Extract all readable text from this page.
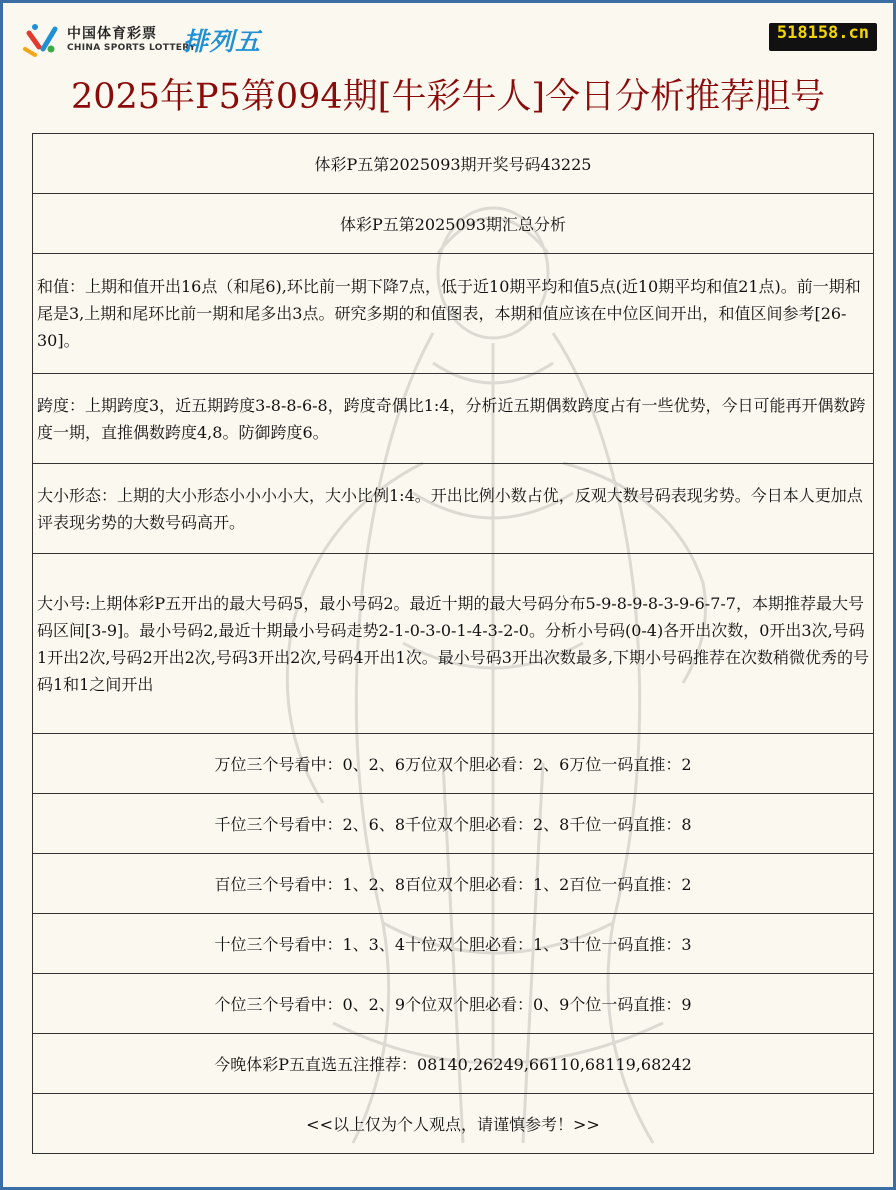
中国体育彩票
CHINA SPORTS LOTTERY
排列五	518158.cn
2025年P5第094期[牛彩牛人]今日分析推荐胆号
体彩P五第2025093期开奖号码43225
体彩P五第2025093期汇总分析
和值：上期和值开出16点（和尾6),环比前一期下降7点，低于近10期平均和值5点(近10期平均和值21点)。前一期和尾是3,上期和尾环比前一期和尾多出3点。研究多期的和值图表，本期和值应该在中位区间开出，和值区间参考[26-30]。
跨度：上期跨度3，近五期跨度3-8-8-6-8，跨度奇偶比1:4，分析近五期偶数跨度占有一些优势，今日可能再开偶数跨度一期，直推偶数跨度4,8。防御跨度6。
大小形态：上期的大小形态小小小小大，大小比例1:4。开出比例小数占优，反观大数号码表现劣势。今日本人更加点评表现劣势的大数号码高开。
大小号:上期体彩P五开出的最大号码5，最小号码2。最近十期的最大号码分布5-9-8-9-8-3-9-6-7-7，本期推荐最大号码区间[3-9]。最小号码2,最近十期最小号码走势2-1-0-3-0-1-4-3-2-0。分析小号码(0-4)各开出次数，0开出3次,号码1开出2次,号码2开出2次,号码3开出2次,号码4开出1次。最小号码3开出次数最多,下期小号码推荐在次数稍微优秀的号码1和1之间开出
万位三个号看中：0、2、6万位双个胆必看：2、6万位一码直推：2
千位三个号看中：2、6、8千位双个胆必看：2、8千位一码直推：8
百位三个号看中：1、2、8百位双个胆必看：1、2百位一码直推：2
十位三个号看中：1、3、4十位双个胆必看：1、3十位一码直推：3
个位三个号看中：0、2、9个位双个胆必看：0、9个位一码直推：9
今晚体彩P五直选五注推荐：08140,26249,66110,68119,68242
<<以上仅为个人观点，请谨慎参考！>>
